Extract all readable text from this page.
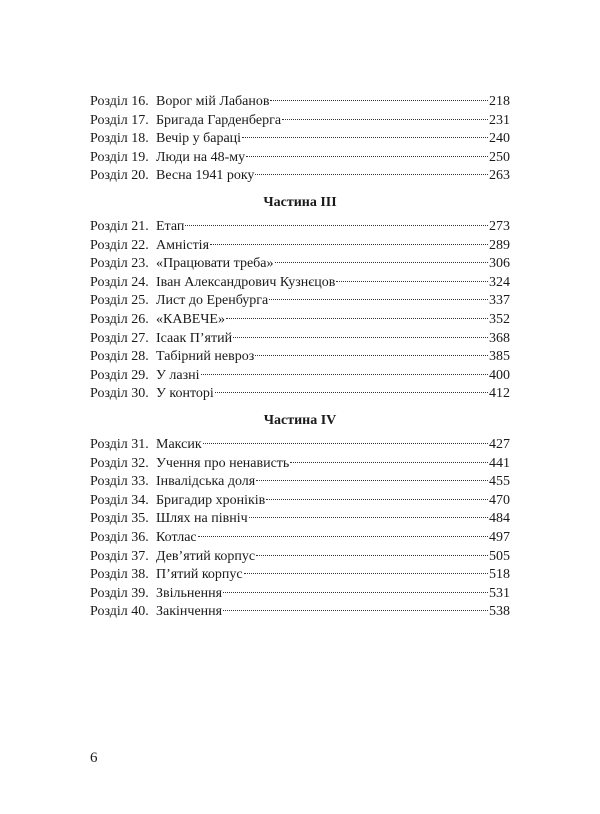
Розділ 16. Ворог мій Лабанов	218
Розділ 17. Бригада Гарденберга	231
Розділ 18. Вечір у бараці	240
Розділ 19. Люди на 48-му	250
Розділ 20. Весна 1941 року	263
Частина III
Розділ 21. Етап	273
Розділ 22. Амністія	289
Розділ 23. «Працювати треба»	306
Розділ 24. Іван Александрович Кузнєцов	324
Розділ 25. Лист до Еренбурга	337
Розділ 26. «КАВЕЧЕ»	352
Розділ 27. Ісаак П’ятий	368
Розділ 28. Табірний невроз	385
Розділ 29. У лазні	400
Розділ 30. У конторі	412
Частина IV
Розділ 31. Максик	427
Розділ 32. Учення про ненависть	441
Розділ 33. Інвалідська доля	455
Розділ 34. Бригадир хроніків	470
Розділ 35. Шлях на північ	484
Розділ 36. Котлас	497
Розділ 37. Дев’ятий корпус	505
Розділ 38. П’ятий корпус	518
Розділ 39. Звільнення	531
Розділ 40. Закінчення	538

6
